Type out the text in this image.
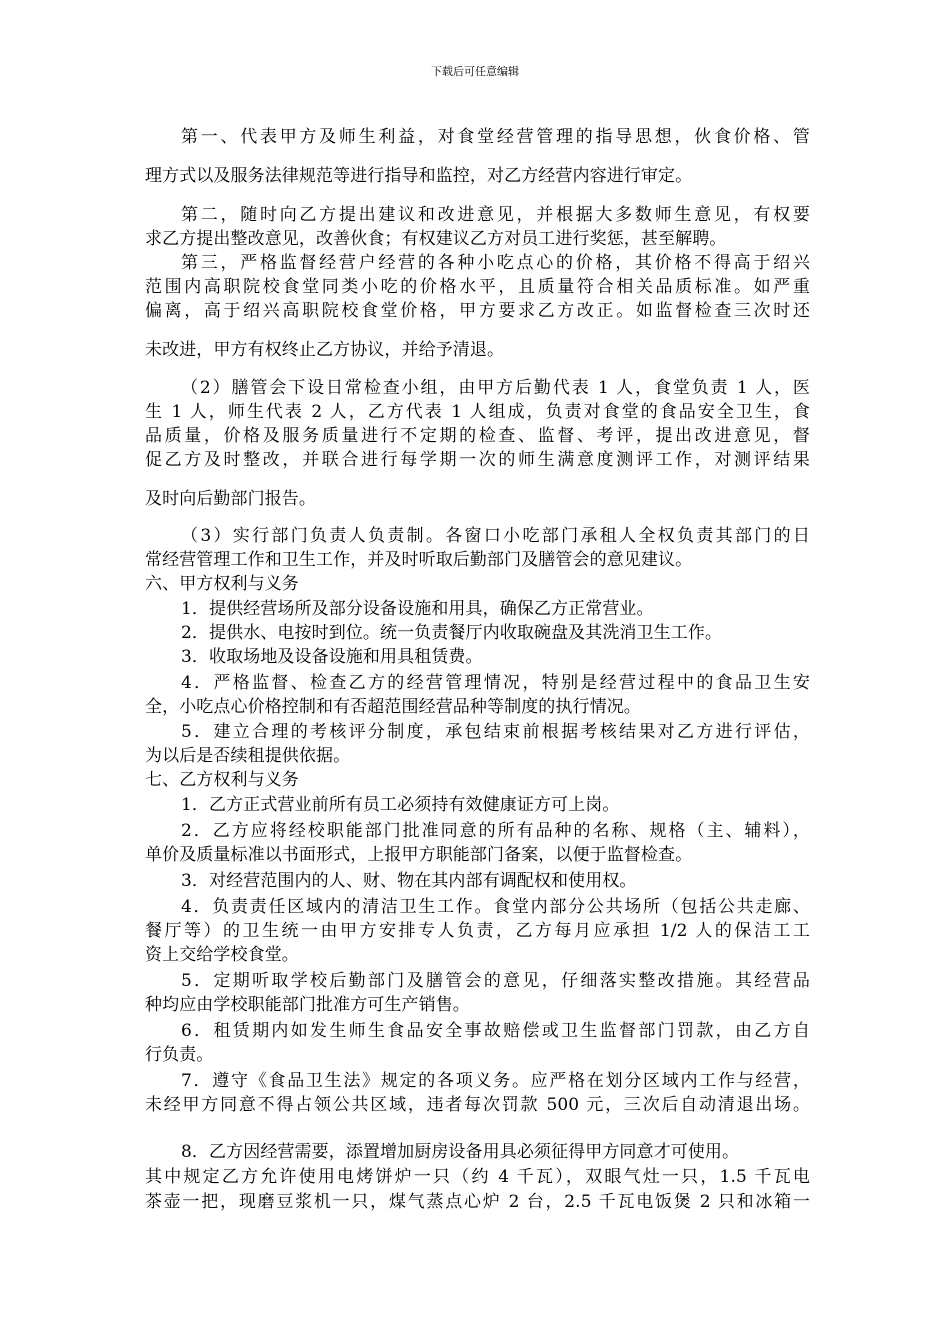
下载后可任意编辑
第一、代表甲方及师生利益，对食堂经营管理的指导思想，伙食价格、管
理方式以及服务法律规范等进行指导和监控，对乙方经营内容进行审定。
第二，随时向乙方提出建议和改进意见，并根据大多数师生意见，有权要
求乙方提出整改意见，改善伙食；有权建议乙方对员工进行奖惩，甚至解聘。
第三，严格监督经营户经营的各种小吃点心的价格，其价格不得高于绍兴
范围内高职院校食堂同类小吃的价格水平，且质量符合相关品质标准。如严重
偏离，高于绍兴高职院校食堂价格，甲方要求乙方改正。如监督检查三次时还
未改进，甲方有权终止乙方协议，并给予清退。
（2）膳管会下设日常检查小组，由甲方后勤代表 1 人，食堂负责 1 人，医
生 1 人，师生代表 2 人，乙方代表 1 人组成，负责对食堂的食品安全卫生，食
品质量，价格及服务质量进行不定期的检查、监督、考评，提出改进意见，督
促乙方及时整改，并联合进行每学期一次的师生满意度测评工作，对测评结果
及时向后勤部门报告。
（3）实行部门负责人负责制。各窗口小吃部门承租人全权负责其部门的日
常经营管理工作和卫生工作，并及时听取后勤部门及膳管会的意见建议。
六、甲方权利与义务
1．提供经营场所及部分设备设施和用具，确保乙方正常营业。
2．提供水、电按时到位。统一负责餐厅内收取碗盘及其洗消卫生工作。
3．收取场地及设备设施和用具租赁费。
4．严格监督、检查乙方的经营管理情况，特别是经营过程中的食品卫生安
全，小吃点心价格控制和有否超范围经营品种等制度的执行情况。
5．建立合理的考核评分制度，承包结束前根据考核结果对乙方进行评估，
为以后是否续租提供依据。
七、乙方权利与义务
1．乙方正式营业前所有员工必须持有效健康证方可上岗。
2．乙方应将经校职能部门批准同意的所有品种的名称、规格（主、辅料），
单价及质量标准以书面形式，上报甲方职能部门备案，以便于监督检查。
3．对经营范围内的人、财、物在其内部有调配权和使用权。
4．负责责任区域内的清洁卫生工作。食堂内部分公共场所（包括公共走廊、
餐厅等）的卫生统一由甲方安排专人负责，乙方每月应承担 1/2 人的保洁工工
资上交给学校食堂。
5．定期听取学校后勤部门及膳管会的意见，仔细落实整改措施。其经营品
种均应由学校职能部门批准方可生产销售。
6．租赁期内如发生师生食品安全事故赔偿或卫生监督部门罚款，由乙方自
行负责。
7．遵守《食品卫生法》规定的各项义务。应严格在划分区域内工作与经营，
未经甲方同意不得占领公共区域，违者每次罚款 500 元，三次后自动清退出场。
8．乙方因经营需要，添置增加厨房设备用具必须征得甲方同意才可使用。
其中规定乙方允许使用电烤饼炉一只（约 4 千瓦），双眼气灶一只，1.5 千瓦电
茶壶一把，现磨豆浆机一只，煤气蒸点心炉 2 台，2.5 千瓦电饭煲 2 只和冰箱一
